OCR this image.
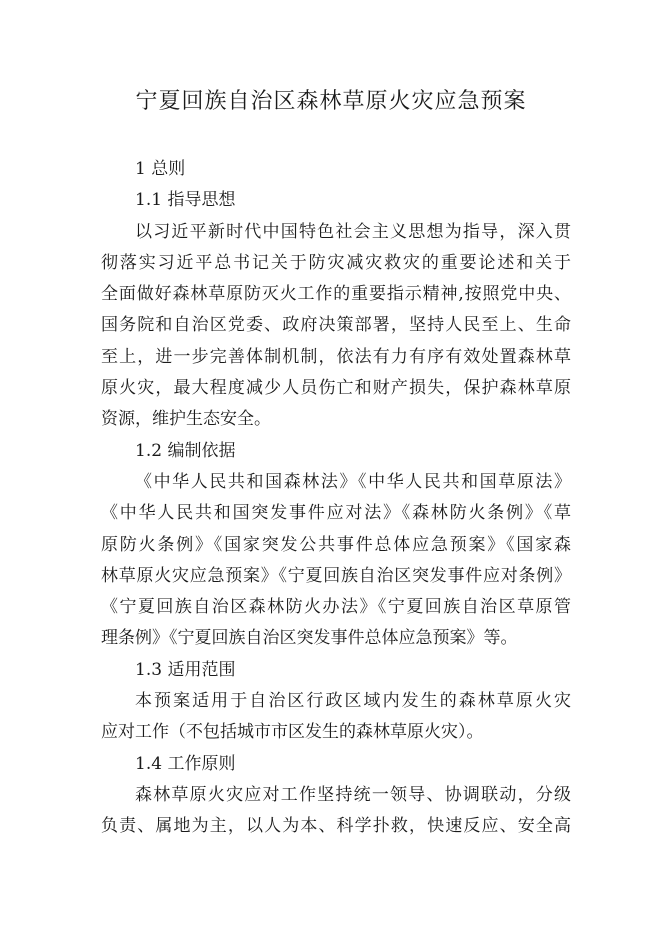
宁夏回族自治区森林草原火灾应急预案
1 总则
1.1 指导思想
以习近平新时代中国特色社会主义思想为指导，深入贯
彻落实习近平总书记关于防灾减灾救灾的重要论述和关于
全面做好森林草原防灭火工作的重要指示精神,按照党中央、
国务院和自治区党委、政府决策部署，坚持人民至上、生命
至上，进一步完善体制机制，依法有力有序有效处置森林草
原火灾，最大程度减少人员伤亡和财产损失，保护森林草原
资源，维护生态安全。
1.2 编制依据
《中华人民共和国森林法》《中华人民共和国草原法》
《中华人民共和国突发事件应对法》《森林防火条例》《草
原防火条例》《国家突发公共事件总体应急预案》《国家森
林草原火灾应急预案》《宁夏回族自治区突发事件应对条例》
《宁夏回族自治区森林防火办法》《宁夏回族自治区草原管
理条例》《宁夏回族自治区突发事件总体应急预案》等。
1.3 适用范围
本预案适用于自治区行政区域内发生的森林草原火灾
应对工作（不包括城市市区发生的森林草原火灾）。
1.4 工作原则
森林草原火灾应对工作坚持统一领导、协调联动，分级
负责、属地为主，以人为本、科学扑救，快速反应、安全高
